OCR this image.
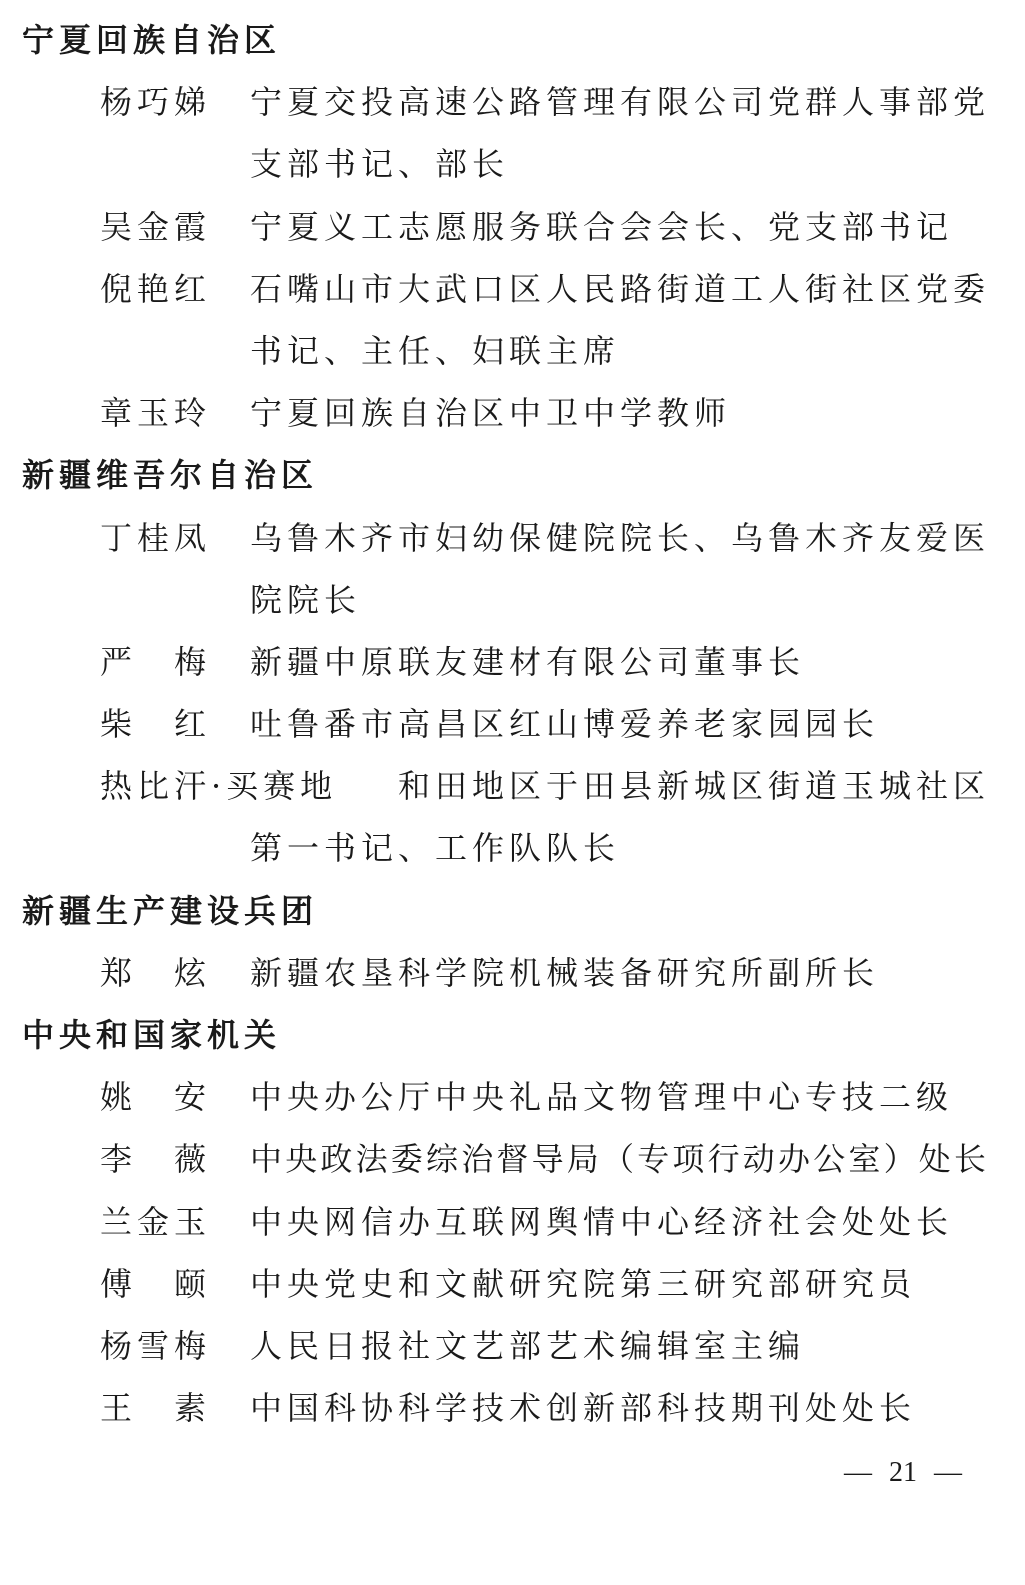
宁夏回族自治区
杨巧娣 宁夏交投高速公路管理有限公司党群人事部党
支部书记、部长
吴金霞 宁夏义工志愿服务联合会会长、党支部书记
倪艳红 石嘴山市大武口区人民路街道工人街社区党委
书记、主任、妇联主席
章玉玲 宁夏回族自治区中卫中学教师
新疆维吾尔自治区
丁桂凤 乌鲁木齐市妇幼保健院院长、乌鲁木齐友爱医
院院长
严　梅 新疆中原联友建材有限公司董事长
柴　红 吐鲁番市高昌区红山博爱养老家园园长
热比汗·买赛地	和田地区于田县新城区街道玉城社区
第一书记、工作队队长
新疆生产建设兵团
郑　炫 新疆农垦科学院机械装备研究所副所长
中央和国家机关
姚　安 中央办公厅中央礼品文物管理中心专技二级
李　薇 中央政法委综治督导局（专项行动办公室）处长
兰金玉 中央网信办互联网舆情中心经济社会处处长
傅　颐 中央党史和文献研究院第三研究部研究员
杨雪梅 人民日报社文艺部艺术编辑室主编
王　素 中国科协科学技术创新部科技期刊处处长
— 21 —
